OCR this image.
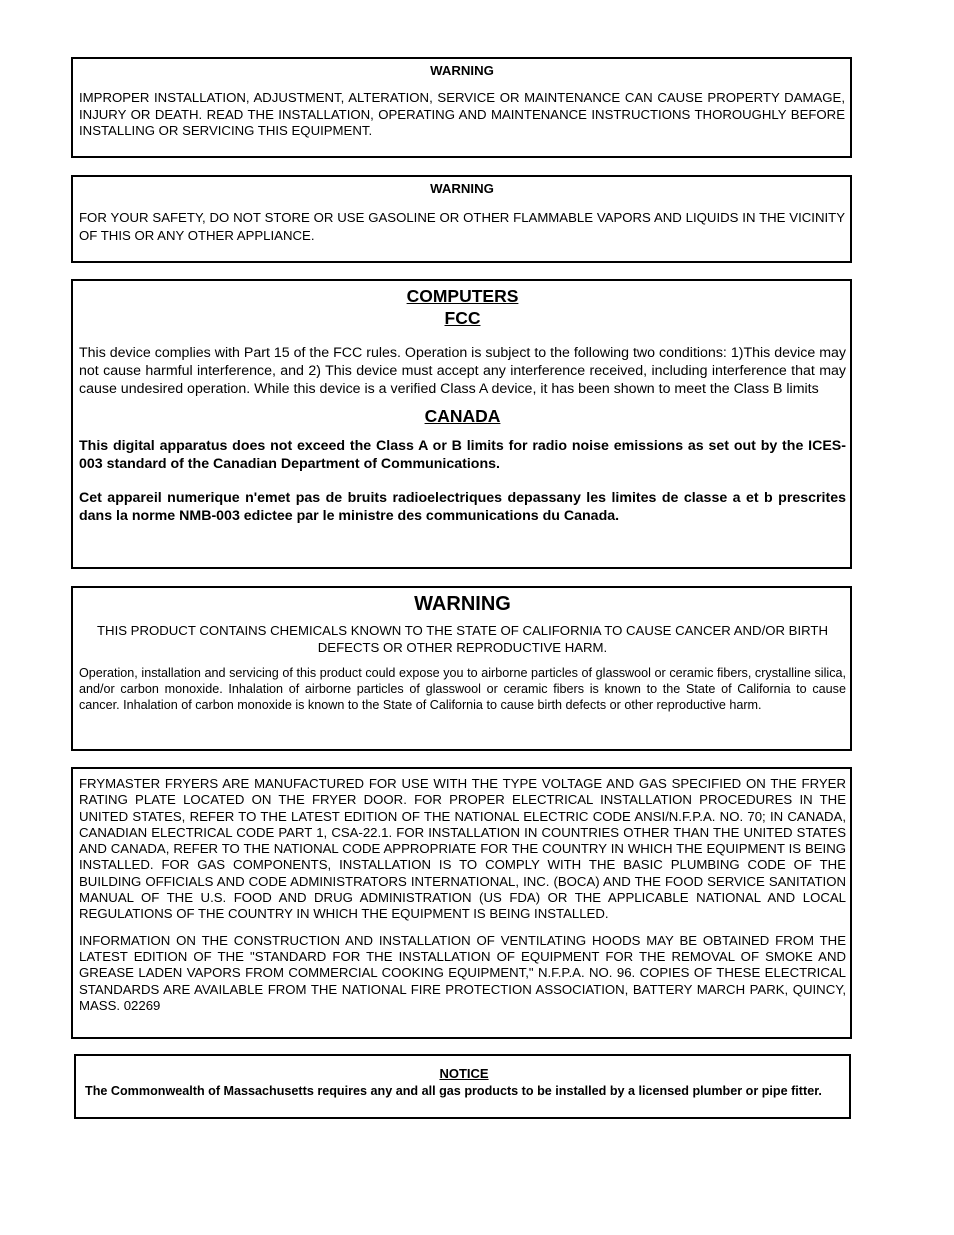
WARNING

IMPROPER INSTALLATION, ADJUSTMENT, ALTERATION, SERVICE OR MAINTENANCE CAN CAUSE PROPERTY DAMAGE, INJURY OR DEATH. READ THE INSTALLATION, OPERATING AND MAINTENANCE INSTRUCTIONS THOROUGHLY BEFORE INSTALLING OR SERVICING THIS EQUIPMENT.

WARNING

FOR YOUR SAFETY, DO NOT STORE OR USE GASOLINE OR OTHER FLAMMABLE VAPORS AND LIQUIDS IN THE VICINITY OF THIS OR ANY OTHER APPLIANCE.

COMPUTERS

FCC

This device complies with Part 15 of the FCC rules. Operation is subject to the following two conditions: 1)This device may not cause harmful interference, and 2) This device must accept any interference received, including interference that may cause undesired operation. While this device is a verified Class A device, it has been shown to meet the Class B limits

CANADA

This digital apparatus does not exceed the Class A or B limits for radio noise emissions as set out by the ICES-003 standard of the Canadian Department of Communications.

Cet appareil numerique n'emet pas de bruits radioelectriques depassany les limites de classe a et b prescrites dans la norme NMB-003 edictee par le ministre des communications du Canada.

WARNING

THIS PRODUCT CONTAINS CHEMICALS KNOWN TO THE STATE OF CALIFORNIA TO CAUSE CANCER AND/OR BIRTH DEFECTS OR OTHER REPRODUCTIVE HARM.

Operation, installation and servicing of this product could expose you to airborne particles of glasswool or ceramic fibers, crystalline silica, and/or carbon monoxide. Inhalation of airborne particles of glasswool or ceramic fibers is known to the State of California to cause cancer. Inhalation of carbon monoxide is known to the State of California to cause birth defects or other reproductive harm.

FRYMASTER FRYERS ARE MANUFACTURED FOR USE WITH THE TYPE VOLTAGE AND GAS SPECIFIED ON THE FRYER RATING PLATE LOCATED ON THE FRYER DOOR. FOR PROPER ELECTRICAL INSTALLATION PROCEDURES IN THE UNITED STATES, REFER TO THE LATEST EDITION OF THE NATIONAL ELECTRIC CODE ANSI/N.F.P.A. NO. 70; IN CANADA, CANADIAN ELECTRICAL CODE PART 1, CSA-22.1. FOR INSTALLATION IN COUNTRIES OTHER THAN THE UNITED STATES AND CANADA, REFER TO THE NATIONAL CODE APPROPRIATE FOR THE COUNTRY IN WHICH THE EQUIPMENT IS BEING INSTALLED. FOR GAS COMPONENTS, INSTALLATION IS TO COMPLY WITH THE BASIC PLUMBING CODE OF THE BUILDING OFFICIALS AND CODE ADMINISTRATORS INTERNATIONAL, INC. (BOCA) AND THE FOOD SERVICE SANITATION MANUAL OF THE U.S. FOOD AND DRUG ADMINISTRATION (US FDA) OR THE APPLICABLE NATIONAL AND LOCAL REGULATIONS OF THE COUNTRY IN WHICH THE EQUIPMENT IS BEING INSTALLED.

INFORMATION ON THE CONSTRUCTION AND INSTALLATION OF VENTILATING HOODS MAY BE OBTAINED FROM THE LATEST EDITION OF THE "STANDARD FOR THE INSTALLATION OF EQUIPMENT FOR THE REMOVAL OF SMOKE AND GREASE LADEN VAPORS FROM COMMERCIAL COOKING EQUIPMENT," N.F.P.A. NO. 96. COPIES OF THESE ELECTRICAL STANDARDS ARE AVAILABLE FROM THE NATIONAL FIRE PROTECTION ASSOCIATION, BATTERY MARCH PARK, QUINCY, MASS. 02269

NOTICE

The Commonwealth of Massachusetts requires any and all gas products to be installed by a licensed plumber or pipe fitter.
